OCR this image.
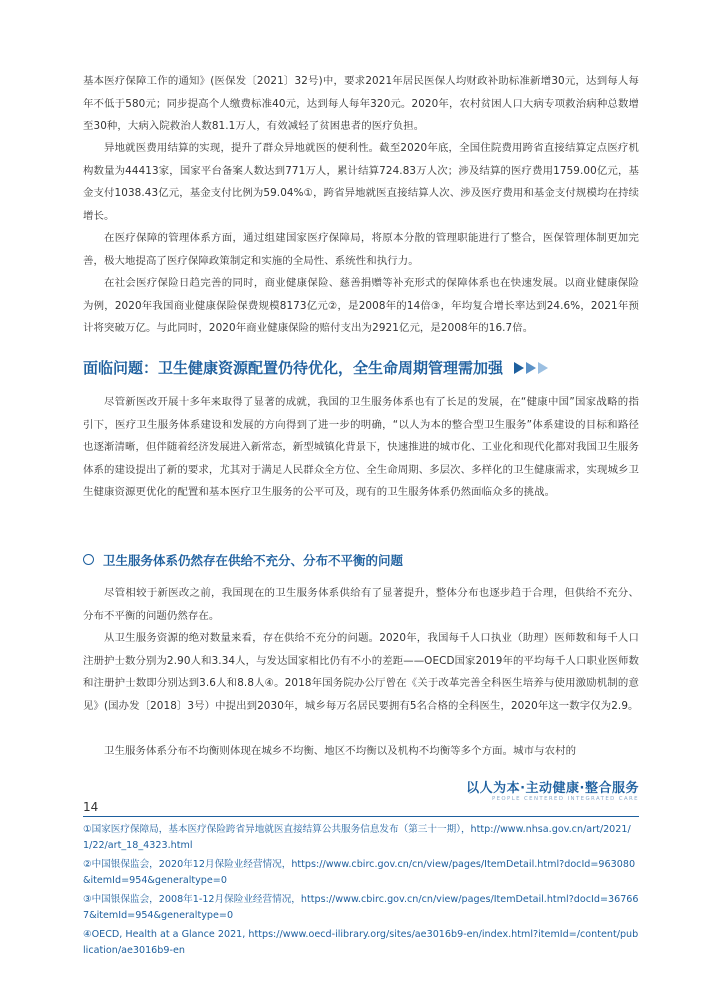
基本医疗保障工作的通知》(医保发〔2021〕32号)中，要求2021年居民医保人均财政补助标准新增30元，达到每人每年不低于580元；同步提高个人缴费标准40元，达到每人每年320元。2020年，农村贫困人口大病专项救治病种总数增至30种，大病入院救治人数81.1万人，有效减轻了贫困患者的医疗负担。

异地就医费用结算的实现，提升了群众异地就医的便利性。截至2020年底，全国住院费用跨省直接结算定点医疗机构数量为44413家，国家平台备案人数达到771万人，累计结算724.83万人次；涉及结算的医疗费用1759.00亿元，基金支付1038.43亿元，基金支付比例为59.04%①，跨省异地就医直接结算人次、涉及医疗费用和基金支付规模均在持续增长。

在医疗保障的管理体系方面，通过组建国家医疗保障局，将原本分散的管理职能进行了整合，医保管理体制更加完善，极大地提高了医疗保障政策制定和实施的全局性、系统性和执行力。

在社会医疗保险日趋完善的同时，商业健康保险、慈善捐赠等补充形式的保障体系也在快速发展。以商业健康保险为例，2020年我国商业健康保险保费规模8173亿元②，是2008年的14倍③，年均复合增长率达到24.6%，2021年预计将突破万亿。与此同时，2020年商业健康保险的赔付支出为2921亿元，是2008年的16.7倍。

面临问题：卫生健康资源配置仍待优化，全生命周期管理需加强

尽管新医改开展十多年来取得了显著的成就，我国的卫生服务体系也有了长足的发展，在“健康中国”国家战略的指引下，医疗卫生服务体系建设和发展的方向得到了进一步的明确，“以人为本的整合型卫生服务”体系建设的目标和路径也逐渐清晰，但伴随着经济发展进入新常态，新型城镇化背景下，快速推进的城市化、工业化和现代化都对我国卫生服务体系的建设提出了新的要求，尤其对于满足人民群众全方位、全生命周期、多层次、多样化的卫生健康需求，实现城乡卫生健康资源更优化的配置和基本医疗卫生服务的公平可及，现有的卫生服务体系仍然面临众多的挑战。

卫生服务体系仍然存在供给不充分、分布不平衡的问题

尽管相较于新医改之前，我国现在的卫生服务体系供给有了显著提升，整体分布也逐步趋于合理，但供给不充分、分布不平衡的问题仍然存在。

从卫生服务资源的绝对数量来看，存在供给不充分的问题。2020年，我国每千人口执业（助理）医师数和每千人口注册护士数分别为2.90人和3.34人，与发达国家相比仍有不小的差距——OECD国家2019年的平均每千人口职业医师数和注册护士数即分别达到3.6人和8.8人④。2018年国务院办公厅曾在《关于改革完善全科医生培养与使用激励机制的意见》(国办发〔2018〕3号）中提出到2030年，城乡每万名居民要拥有5名合格的全科医生，2020年这一数字仅为2.9。

卫生服务体系分布不均衡则体现在城乡不均衡、地区不均衡以及机构不均衡等多个方面。城市与农村的

以人为本·主动健康·整合服务
PEOPLE CENTERED INTEGRATED CARE
14

①国家医疗保障局，基本医疗保险跨省异地就医直接结算公共服务信息发布（第三十一期），http://www.nhsa.gov.cn/art/2021/1/22/art_18_4323.html

②中国银保监会，2020年12月保险业经营情况，https://www.cbirc.gov.cn/cn/view/pages/ItemDetail.html?docId=963080&itemId=954&generaltype=0

③中国银保监会，2008年1-12月保险业经营情况，https://www.cbirc.gov.cn/cn/view/pages/ItemDetail.html?docId=367667&itemId=954&generaltype=0

④OECD, Health at a Glance 2021, https://www.oecd-ilibrary.org/sites/ae3016b9-en/index.html?itemId=/content/publication/ae3016b9-en
